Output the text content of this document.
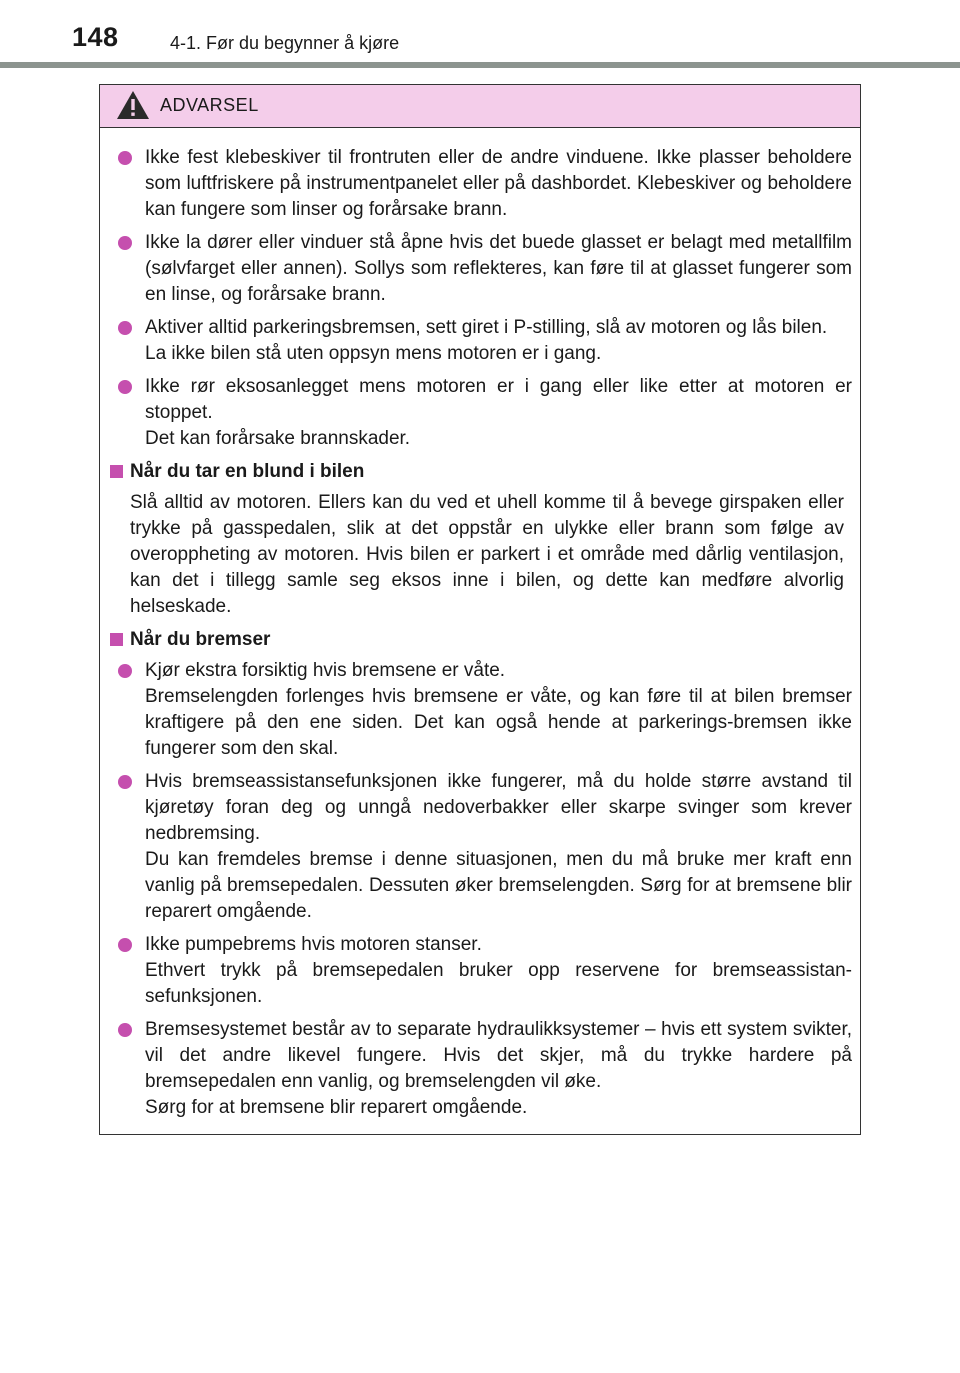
148	4-1. Før du begynner å kjøre
ADVARSEL
Ikke fest klebeskiver til frontruten eller de andre vinduene. Ikke plasser beholdere som luftfriskere på instrumentpanelet eller på dashbordet. Klebeskiver og beholdere kan fungere som linser og forårsake brann.
Ikke la dører eller vinduer stå åpne hvis det buede glasset er belagt med metallfilm (sølvfarget eller annen). Sollys som reflekteres, kan føre til at glasset fungerer som en linse, og forårsake brann.
Aktiver alltid parkeringsbremsen, sett giret i P-stilling, slå av motoren og lås bilen.
La ikke bilen stå uten oppsyn mens motoren er i gang.
Ikke rør eksosanlegget mens motoren er i gang eller like etter at motoren er stoppet.
Det kan forårsake brannskader.
Når du tar en blund i bilen
Slå alltid av motoren. Ellers kan du ved et uhell komme til å bevege girspaken eller trykke på gasspedalen, slik at det oppstår en ulykke eller brann som følge av overoppheting av motoren. Hvis bilen er parkert i et område med dårlig ventilasjon, kan det i tillegg samle seg eksos inne i bilen, og dette kan medføre alvorlig helseskade.
Når du bremser
Kjør ekstra forsiktig hvis bremsene er våte.
Bremselengden forlenges hvis bremsene er våte, og kan føre til at bilen bremser kraftigere på den ene siden. Det kan også hende at parkerings-bremsen ikke fungerer som den skal.
Hvis bremseassistansefunksjonen ikke fungerer, må du holde større avstand til kjøretøy foran deg og unngå nedoverbakker eller skarpe svinger som krever nedbremsing.
Du kan fremdeles bremse i denne situasjonen, men du må bruke mer kraft enn vanlig på bremsepedalen. Dessuten øker bremselengden. Sørg for at bremsene blir reparert omgående.
Ikke pumpebrems hvis motoren stanser.
Ethvert trykk på bremsepedalen bruker opp reservene for bremseassistan-sefunksjonen.
Bremsesystemet består av to separate hydraulikksystemer – hvis ett system svikter, vil det andre likevel fungere. Hvis det skjer, må du trykke hardere på bremsepedalen enn vanlig, og bremselengden vil øke.
Sørg for at bremsene blir reparert omgående.
